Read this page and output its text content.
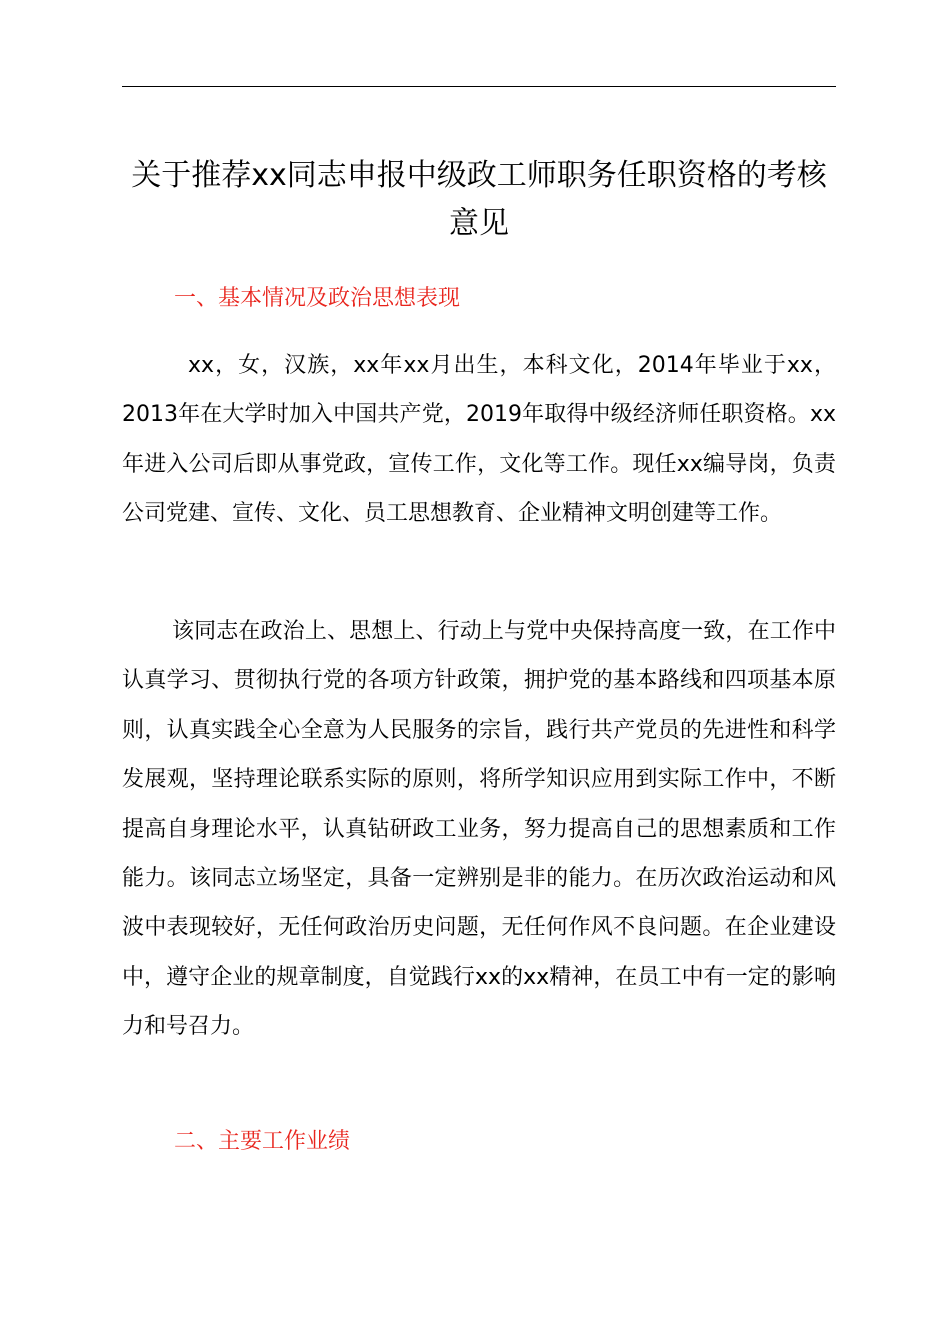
关于推荐xx同志申报中级政工师职务任职资格的考核意见
一、基本情况及政治思想表现

xx，女，汉族，xx年xx月出生，本科文化，2014年毕业于xx，2013年在大学时加入中国共产党，2019年取得中级经济师任职资格。xx年进入公司后即从事党政，宣传工作，文化等工作。现任xx编导岗，负责公司党建、宣传、文化、员工思想教育、企业精神文明创建等工作。

该同志在政治上、思想上、行动上与党中央保持高度一致，在工作中认真学习、贯彻执行党的各项方针政策，拥护党的基本路线和四项基本原则，认真实践全心全意为人民服务的宗旨，践行共产党员的先进性和科学发展观，坚持理论联系实际的原则，将所学知识应用到实际工作中，不断提高自身理论水平，认真钻研政工业务，努力提高自己的思想素质和工作能力。该同志立场坚定，具备一定辨别是非的能力。在历次政治运动和风波中表现较好，无任何政治历史问题，无任何作风不良问题。在企业建设中，遵守企业的规章制度，自觉践行xx的xx精神，在员工中有一定的影响力和号召力。

二、主要工作业绩
